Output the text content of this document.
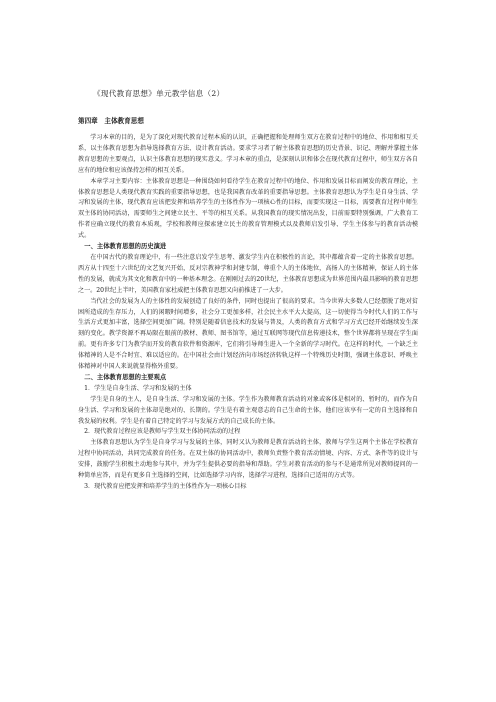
《现代教育思想》单元教学信息（2）
第四章　主体教育思想

学习本章的目的，是为了深化对现代教育过程本质的认识，正确把握和处理师生双方在教育过程中的地位、作用和相互关系，以主体教育思想为指导选择教育方法、设计教育活动。要求学习者了解主体教育思想的历史背景、识记、理解并掌握主体教育思想的主要观点，认识主体教育思想的现实意义。学习本章的重点，是深刻认识和体会在现代教育过程中，师生双方各自应有的地位和应该保持怎样的相互关系。

本章学习主要内容：主体教育思想是一种围绕如何看待学生在教育过程中的地位、作用和发展目标而阐发的教育理论，主体教育思想是人类现代教育实践的重要指导思想，也是我国教育改革的重要指导思想。主体教育思想认为学生是自身生活、学习和发展的主体，现代教育应该把发挥和培养学生的主体性作为一项核心性的目标，而要实现这一目标，需要教育过程中师生双主体的协同活动，需要师生之间建立民主、平等的相互关系。从我国教育的现实情况出发，目前需要特别强调，广大教育工作者应确立现代的教育本质观，学校和教师应探索建立民主的教育管理模式以及教师启发引导、学生主体参与的教育活动模式。

一、主体教育思想的历史演进

在中国古代的教育理论中，有一些注意启发学生思考、激发学生内在积极性的言论，其中都蕴含着一定的主体教育思想。西方从十四至十六世纪的文艺复兴开始，反对宗教神学和封建专制，尊重个人的主体地位，高扬人的主体精神，保证人的主体性的发展，就成为其文化和教育中的一种基本理念。在刚刚过去的20世纪，主体教育思想成为世界范围内最具影响的教育思想之一。20世纪上半叶，美国教育家杜威把主体教育思想又向前推进了一大步。

当代社会的发展为人的主体性的发展创造了良好的条件，同时也提出了很高的要求。当今世界大多数人已经摆脱了绝对贫困所造成的生存压力，人们的闲暇时间增多，社会分工更加多样，社会民主水平大大提高，这一切使得当今时代人们的工作与生活方式更加丰富，选择空间更加广阔。特别是随着信息技术的发展与普及，人类的教育方式和学习方式已经开始继续发生深刻的变化。教学资源不再局限在眼前的教材、教师、图书馆等，通过互联网等现代信息传递技术，整个世界都将呈现在学生面前。更有许多专门为教学而开发的教育软件和资源库，它们将引导师生进入一个全新的学习时代。在这样的时代，一个缺乏主体精神的人是不合时宜、难以适应的。在中国社会由计划经济向市场经济转轨这样一个特殊历史时期，强调主体意识、呼唤主体精神对中国人来说就显得格外重要。

二、主体教育思想的主要观点

1．学生是自身生活、学习和发展的主体

学生是自身的主人，是自身生活、学习和发展的主体。学生作为教师教育活动的对象或客体是相对的、暂时的，而作为自身生活、学习和发展的主体却是绝对的、长期的。学生是有着主观意志的自己生命的主体，他们应该享有一定的自主选择和自我发展的权利。学生是有着自己特定的学习与发展方式的自己成长的主体。

2．现代教育过程应该是教师与学生双主体协同活动的过程

主体教育思想认为学生是自身学习与发展的主体，同时又认为教师是教育活动的主体，教师与学生这两个主体在学校教育过程中协同活动，共同完成教育的任务。在双主体的协同活动中，教师负责整个教育活动情境、内容、方式、条件等的设计与安排，鼓励学生积极主动地参与其中，并为学生提供必要的指导和帮助。学生对教育活动的参与不是通常所见对教师提问的一种简单应答，而是有更多自主选择的空间，比如选择学习内容，选择学习进程，选择自己适用的方式等。

3．现代教育应把发挥和培养学生的主体性作为一项核心目标
